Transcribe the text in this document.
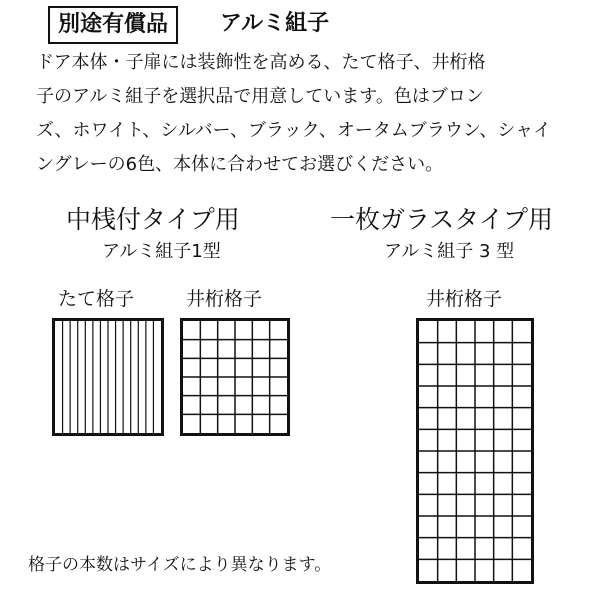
別途有償品	アルミ組子
ドア本体・子扉には装飾性を高める、たて格子、井桁格
子のアルミ組子を選択品で用意しています。色はブロン
ズ、ホワイト、シルバー、ブラック、オータムブラウン、シャイ
ングレーの6色、本体に合わせてお選びください。
中桟付タイプ用
アルミ組子1型
たて格子	井桁格子
一枚ガラスタイプ用
アルミ組子 3 型
井桁格子
格子の本数はサイズにより異なります。
